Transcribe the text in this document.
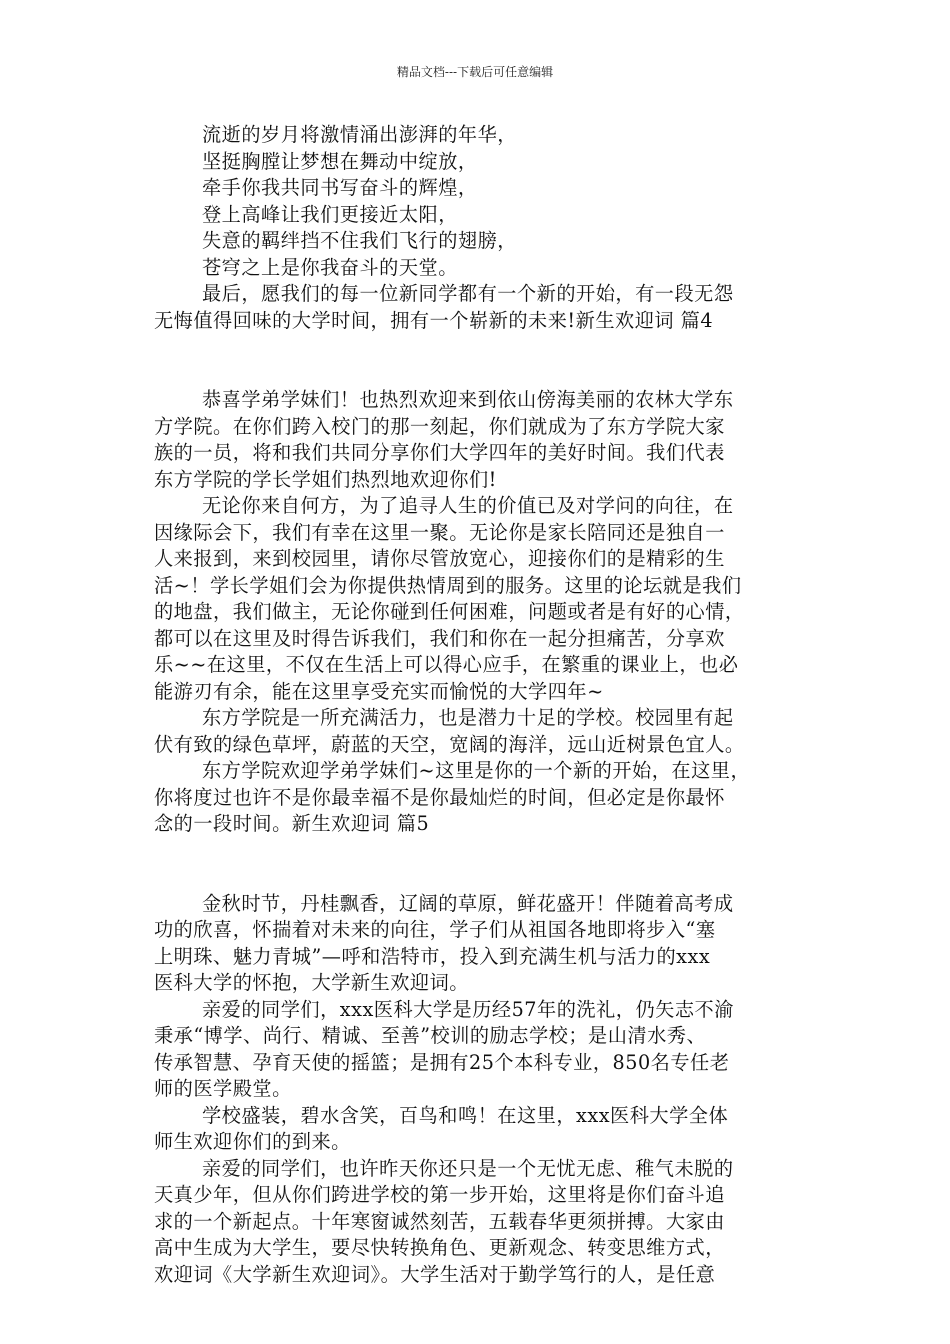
精品文档---下载后可任意编辑
流逝的岁月将激情涌出澎湃的年华，
坚挺胸膛让梦想在舞动中绽放，
牵手你我共同书写奋斗的辉煌，
登上高峰让我们更接近太阳，
失意的羁绊挡不住我们飞行的翅膀，
苍穹之上是你我奋斗的天堂。
最后，愿我们的每一位新同学都有一个新的开始，有一段无怨
无悔值得回味的大学时间，拥有一个崭新的未来!新生欢迎词 篇4
恭喜学弟学妹们！也热烈欢迎来到依山傍海美丽的农林大学东
方学院。在你们跨入校门的那一刻起，你们就成为了东方学院大家
族的一员，将和我们共同分享你们大学四年的美好时间。我们代表
东方学院的学长学姐们热烈地欢迎你们!
无论你来自何方，为了追寻人生的价值已及对学问的向往，在
因缘际会下，我们有幸在这里一聚。无论你是家长陪同还是独自一
人来报到，来到校园里，请你尽管放宽心，迎接你们的是精彩的生
活~！学长学姐们会为你提供热情周到的服务。这里的论坛就是我们
的地盘，我们做主，无论你碰到任何困难，问题或者是有好的心情，
都可以在这里及时得告诉我们，我们和你在一起分担痛苦，分享欢
乐~~在这里，不仅在生活上可以得心应手，在繁重的课业上，也必
能游刃有余，能在这里享受充实而愉悦的大学四年~
东方学院是一所充满活力，也是潜力十足的学校。校园里有起
伏有致的绿色草坪，蔚蓝的天空，宽阔的海洋，远山近树景色宜人。
东方学院欢迎学弟学妹们~这里是你的一个新的开始，在这里，
你将度过也许不是你最幸福不是你最灿烂的时间，但必定是你最怀
念的一段时间。新生欢迎词 篇5
金秋时节，丹桂飘香，辽阔的草原，鲜花盛开！伴随着高考成
功的欣喜，怀揣着对未来的向往，学子们从祖国各地即将步入“塞
上明珠、魅力青城”—呼和浩特市，投入到充满生机与活力的xxx
医科大学的怀抱，大学新生欢迎词。
亲爱的同学们，xxx医科大学是历经57年的洗礼，仍矢志不渝
秉承“博学、尚行、精诚、至善”校训的励志学校；是山清水秀、
传承智慧、孕育天使的摇篮；是拥有25个本科专业，850名专任老
师的医学殿堂。
学校盛装，碧水含笑，百鸟和鸣！在这里，xxx医科大学全体
师生欢迎你们的到来。
亲爱的同学们，也许昨天你还只是一个无忧无虑、稚气未脱的
天真少年，但从你们跨进学校的第一步开始，这里将是你们奋斗追
求的一个新起点。十年寒窗诚然刻苦，五载春华更须拼搏。大家由
高中生成为大学生，要尽快转换角色、更新观念、转变思维方式，
欢迎词《大学新生欢迎词》。大学生活对于勤学笃行的人，是任意
